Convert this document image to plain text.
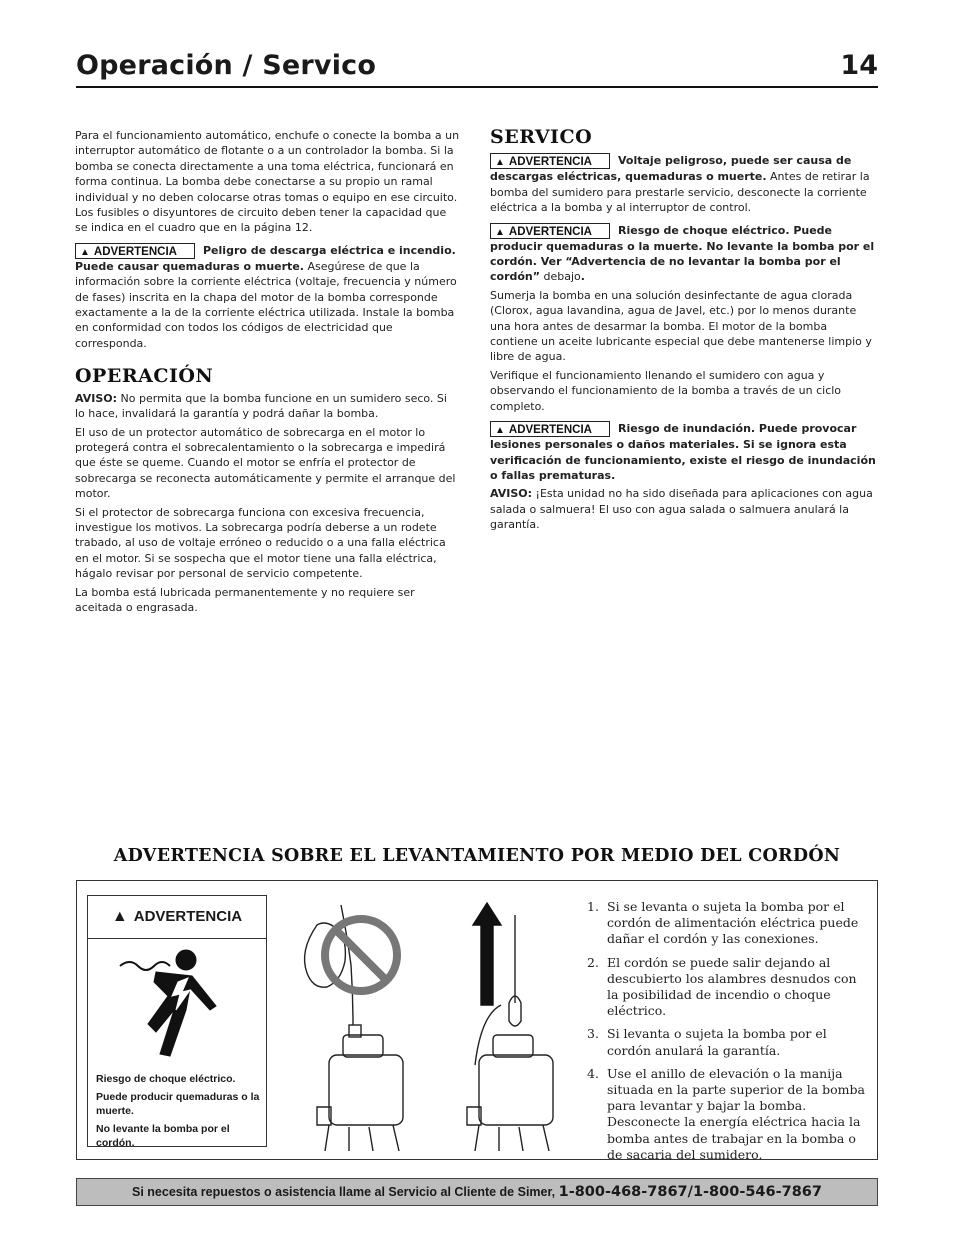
Operación / Servico	14

Para el funcionamiento automático, enchufe o conecte la bomba a un interruptor automático de flotante o a un controlador la bomba. Si la bomba se conecta directamente a una toma eléctrica, funcionará en forma continua. La bomba debe conectarse a su propio un ramal individual y no deben colocarse otras tomas o equipo en ese circuito. Los fusibles o disyuntores de circuito deben tener la capacidad que se indica en el cuadro que en la página 12.

▲ ADVERTENCIA Peligro de descarga eléctrica e incendio. Puede causar quemaduras o muerte. Asegúrese de que la información sobre la corriente eléctrica (voltaje, frecuencia y número de fases) inscrita en la chapa del motor de la bomba corresponde exactamente a la de la corriente eléctrica utilizada. Instale la bomba en conformidad con todos los códigos de electricidad que corresponda.

OPERACIÓN

AVISO: No permita que la bomba funcione en un sumidero seco. Si lo hace, invalidará la garantía y podrá dañar la bomba.

El uso de un protector automático de sobrecarga en el motor lo protegerá contra el sobrecalentamiento o la sobrecarga e impedirá que éste se queme. Cuando el motor se enfría el protector de sobrecarga se reconecta automáticamente y permite el arranque del motor.

Si el protector de sobrecarga funciona con excesiva frecuencia, investigue los motivos. La sobrecarga podría deberse a un rodete trabado, al uso de voltaje erróneo o reducido o a una falla eléctrica en el motor. Si se sospecha que el motor tiene una falla eléctrica, hágalo revisar por personal de servicio competente.

La bomba está lubricada permanentemente y no requiere ser aceitada o engrasada.

SERVICO

▲ ADVERTENCIA Voltaje peligroso, puede ser causa de descargas eléctricas, quemaduras o muerte. Antes de retirar la bomba del sumidero para prestarle servicio, desconecte la corriente eléctrica a la bomba y al interruptor de control.

▲ ADVERTENCIA Riesgo de choque eléctrico. Puede producir quemaduras o la muerte. No levante la bomba por el cordón. Ver “Advertencia de no levantar la bomba por el cordón” debajo.

Sumerja la bomba en una solución desinfectante de agua clorada (Clorox, agua lavandina, agua de Javel, etc.) por lo menos durante una hora antes de desarmar la bomba. El motor de la bomba contiene un aceite lubricante especial que debe mantenerse limpio y libre de agua.

Verifique el funcionamiento llenando el sumidero con agua y observando el funcionamiento de la bomba a través de un ciclo completo.

▲ ADVERTENCIA Riesgo de inundación. Puede provocar lesiones personales o daños materiales. Si se ignora esta verificación de funcionamiento, existe el riesgo de inundación o fallas prematuras.

AVISO: ¡Esta unidad no ha sido diseñada para aplicaciones con agua salada o salmuera! El uso con agua salada o salmuera anulará la garantía.

ADVERTENCIA SOBRE EL LEVANTAMIENTO POR MEDIO DEL CORDÓN
▲ ADVERTENCIA

Riesgo de choque eléctrico.

Puede producir quemaduras o la muerte.

No levante la bomba por el cordón.

1. Si se levanta o sujeta la bomba por el cordón de alimentación eléctrica puede dañar el cordón y las conexiones.
2. El cordón se puede salir dejando al descubierto los alambres desnudos con la posibilidad de incendio o choque eléctrico.
3. Si levanta o sujeta la bomba por el cordón anulará la garantía.
4. Use el anillo de elevación o la manija situada en la parte superior de la bomba para levantar y bajar la bomba. Desconecte la energía eléctrica hacia la bomba antes de trabajar en la bomba o de sacaria del sumidero.
Si necesita repuestos o asistencia llame al Servicio al Cliente de Simer, 1-800-468-7867/1-800-546-7867
